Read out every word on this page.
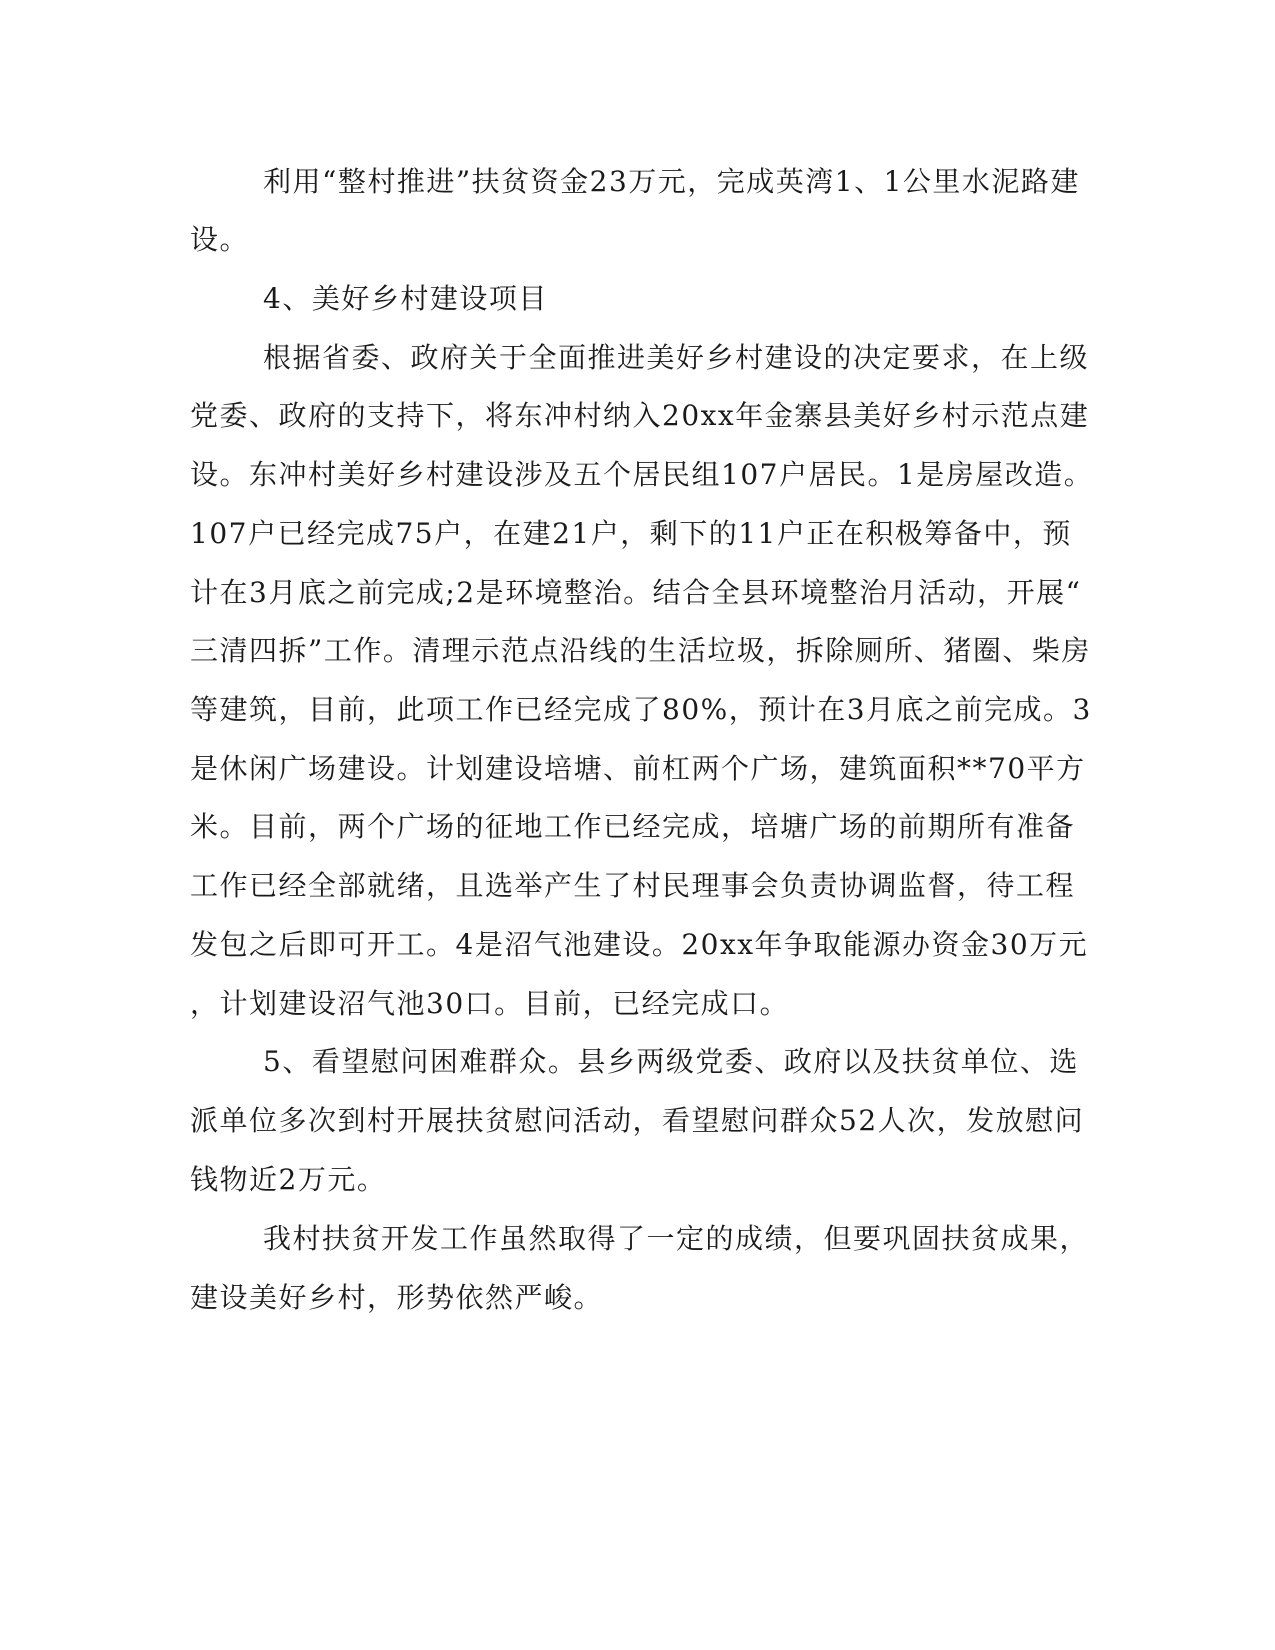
利用“整村推进”扶贫资金23万元，完成英湾1、1公里水泥路建
设。
4、美好乡村建设项目
根据省委、政府关于全面推进美好乡村建设的决定要求，在上级
党委、政府的支持下，将东冲村纳入20xx年金寨县美好乡村示范点建
设。东冲村美好乡村建设涉及五个居民组107户居民。1是房屋改造。
107户已经完成75户，在建21户，剩下的11户正在积极筹备中，预
计在3月底之前完成;2是环境整治。结合全县环境整治月活动，开展“
三清四拆”工作。清理示范点沿线的生活垃圾，拆除厕所、猪圈、柴房
等建筑，目前，此项工作已经完成了80%，预计在3月底之前完成。3
是休闲广场建设。计划建设培塘、前杠两个广场，建筑面积**70平方
米。目前，两个广场的征地工作已经完成，培塘广场的前期所有准备
工作已经全部就绪，且选举产生了村民理事会负责协调监督，待工程
发包之后即可开工。4是沼气池建设。20xx年争取能源办资金30万元
，计划建设沼气池30口。目前，已经完成口。
5、看望慰问困难群众。县乡两级党委、政府以及扶贫单位、选
派单位多次到村开展扶贫慰问活动，看望慰问群众52人次，发放慰问
钱物近2万元。
我村扶贫开发工作虽然取得了一定的成绩，但要巩固扶贫成果，
建设美好乡村，形势依然严峻。
